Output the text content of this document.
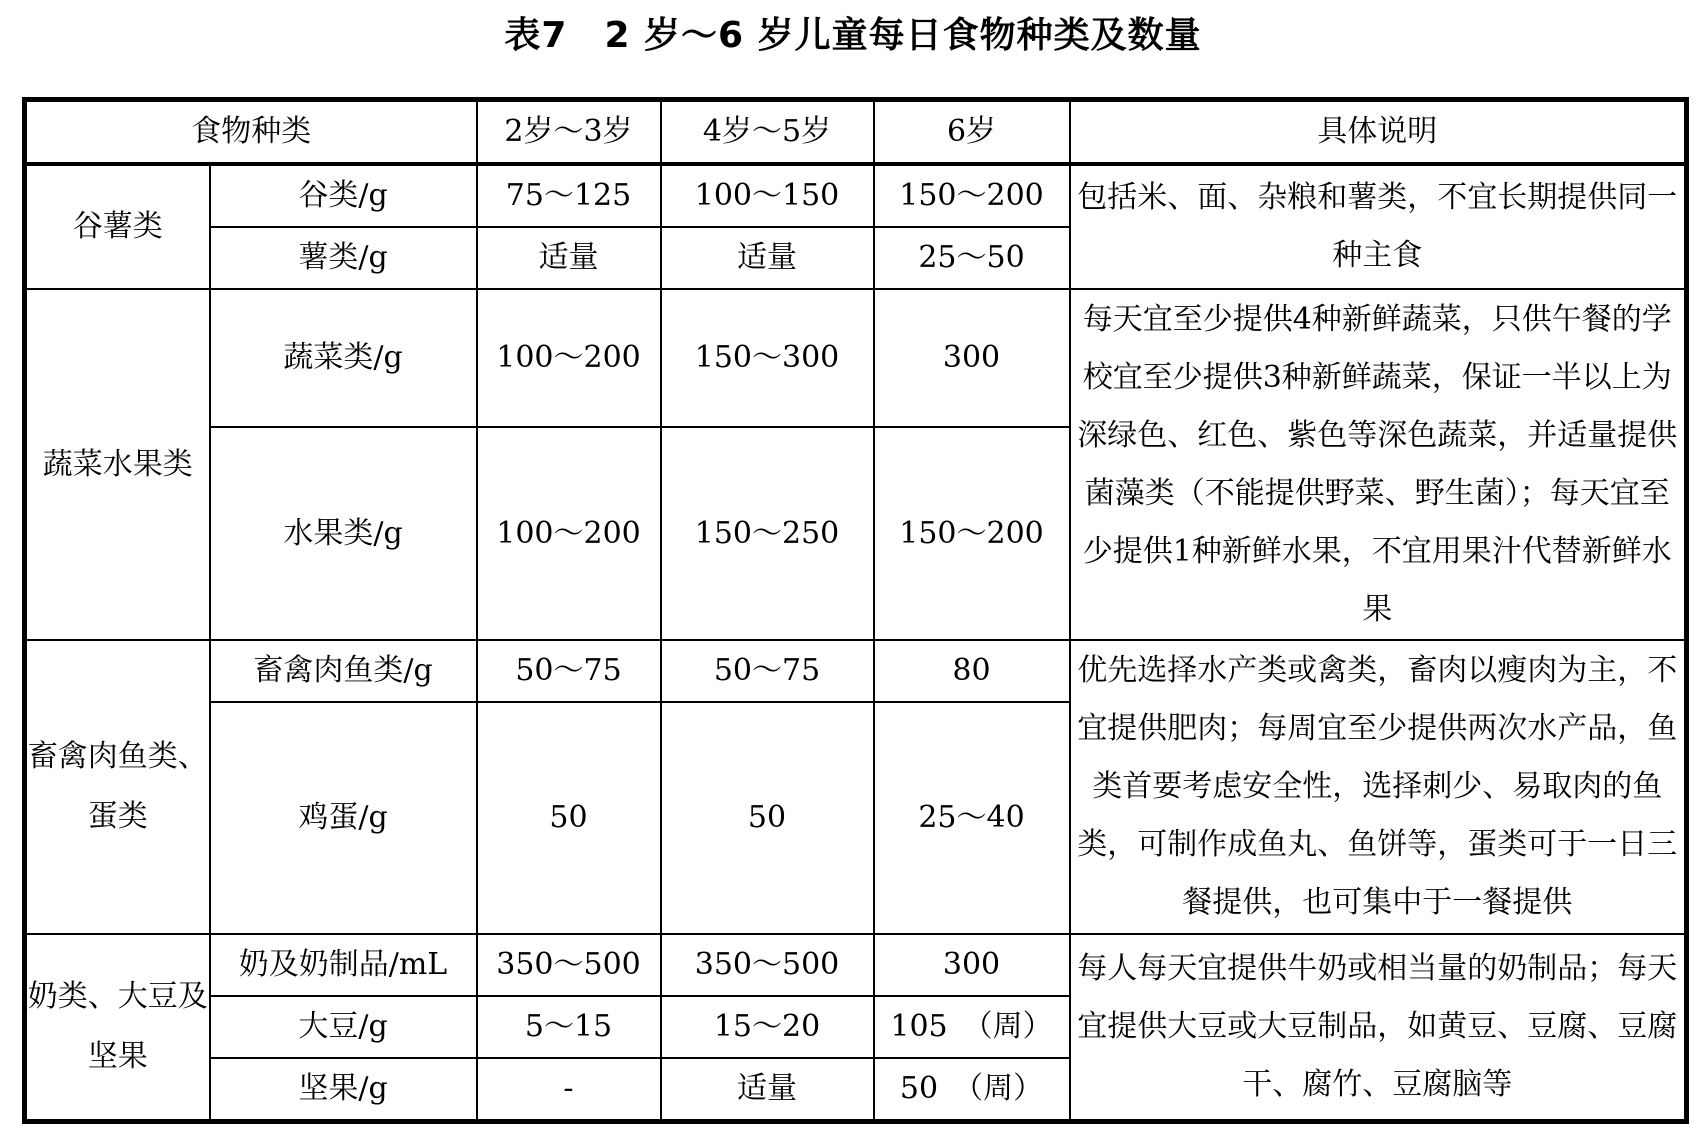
表7　2 岁～6 岁儿童每日食物种类及数量
食物种类		2岁～3岁	4岁～5岁	6岁	具体说明
谷薯类	谷类/g	75～125	100～150	150～200	包括米、面、杂粮和薯类，不宜长期提供同一种主食
	薯类/g	适量	适量	25～50	
蔬菜水果类	蔬菜类/g	100～200	150～300	300	每天宜至少提供4种新鲜蔬菜，只供午餐的学校宜至少提供3种新鲜蔬菜，保证一半以上为深绿色、红色、紫色等深色蔬菜，并适量提供菌藻类（不能提供野菜、野生菌）；每天宜至少提供1种新鲜水果，不宜用果汁代替新鲜水果
	水果类/g	100～200	150～250	150～200	
畜禽肉鱼类、蛋类	畜禽肉鱼类/g	50～75	50～75	80	优先选择水产类或禽类，畜肉以瘦肉为主，不宜提供肥肉；每周宜至少提供两次水产品，鱼类首要考虑安全性，选择刺少、易取肉的鱼类，可制作成鱼丸、鱼饼等，蛋类可于一日三餐提供，也可集中于一餐提供
	鸡蛋/g	50	50	25～40	
奶类、大豆及坚果	奶及奶制品/mL	350～500	350～500	300	每人每天宜提供牛奶或相当量的奶制品；每天宜提供大豆或大豆制品，如黄豆、豆腐、豆腐干、腐竹、豆腐脑等
	大豆/g	5～15	15～20	105　（周）	
	坚果/g	-	适量	50　（周）	
